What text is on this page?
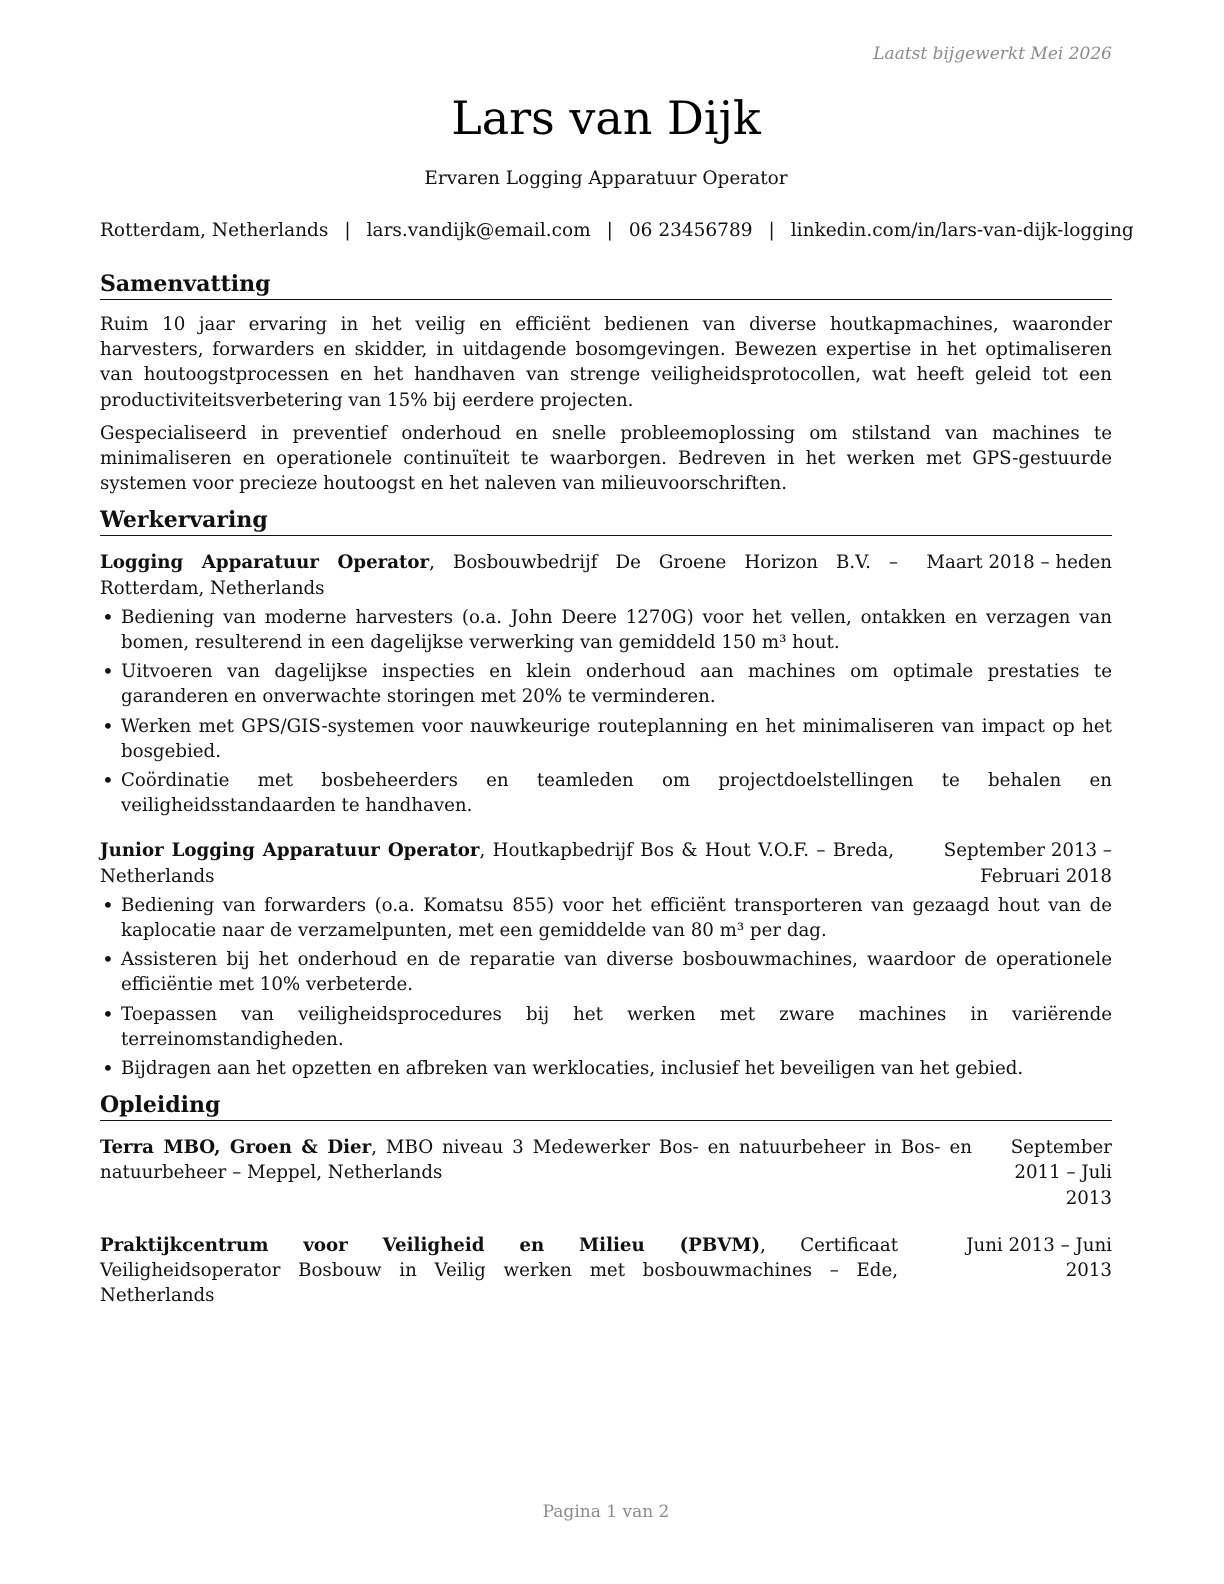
Laatst bijgewerkt Mei 2026
Lars van Dijk
Ervaren Logging Apparatuur Operator
Rotterdam, Netherlands | lars.vandijk@email.com | 06 23456789 | linkedin.com/in/lars-van-dijk-logging
Samenvatting

Ruim 10 jaar ervaring in het veilig en efficiënt bedienen van diverse houtkapmachines, waaronder harvesters, forwarders en skidder, in uitdagende bosomgevingen. Bewezen expertise in het optimaliseren van houtoogstprocessen en het handhaven van strenge veiligheidsprotocollen, wat heeft geleid tot een productiviteitsverbetering van 15% bij eerdere projecten.

Gespecialiseerd in preventief onderhoud en snelle probleemoplossing om stilstand van machines te minimaliseren en operationele continuïteit te waarborgen. Bedreven in het werken met GPS-gestuurde systemen voor precieze houtoogst en het naleven van milieuvoorschriften.

Werkervaring
Logging Apparatuur Operator, Bosbouwbedrijf De Groene Horizon B.V. – Rotterdam, Netherlands
Maart 2018 – heden
• Bediening van moderne harvesters (o.a. John Deere 1270G) voor het vellen, ontakken en verzagen van bomen, resulterend in een dagelijkse verwerking van gemiddeld 150 m³ hout.
• Uitvoeren van dagelijkse inspecties en klein onderhoud aan machines om optimale prestaties te garanderen en onverwachte storingen met 20% te verminderen.
• Werken met GPS/GIS-systemen voor nauwkeurige routeplanning en het minimaliseren van impact op het bosgebied.
• Coördinatie met bosbeheerders en teamleden om projectdoelstellingen te behalen en veiligheidsstandaarden te handhaven.
Junior Logging Apparatuur Operator, Houtkapbedrijf Bos & Hout V.O.F. – Breda, Netherlands
September 2013 – Februari 2018
• Bediening van forwarders (o.a. Komatsu 855) voor het efficiënt transporteren van gezaagd hout van de kaplocatie naar de verzamelpunten, met een gemiddelde van 80 m³ per dag.
• Assisteren bij het onderhoud en de reparatie van diverse bosbouwmachines, waardoor de operationele efficiëntie met 10% verbeterde.
• Toepassen van veiligheidsprocedures bij het werken met zware machines in variërende terreinomstandigheden.
• Bijdragen aan het opzetten en afbreken van werklocaties, inclusief het beveiligen van het gebied.
Opleiding
Terra MBO, Groen & Dier, MBO niveau 3 Medewerker Bos- en natuurbeheer in Bos- en natuurbeheer – Meppel, Netherlands
September 2011 – Juli 2013
Praktijkcentrum voor Veiligheid en Milieu (PBVM), Certificaat Veiligheidsoperator Bosbouw in Veilig werken met bosbouwmachines – Ede, Netherlands
Juni 2013 – Juni 2013
Pagina 1 van 2
